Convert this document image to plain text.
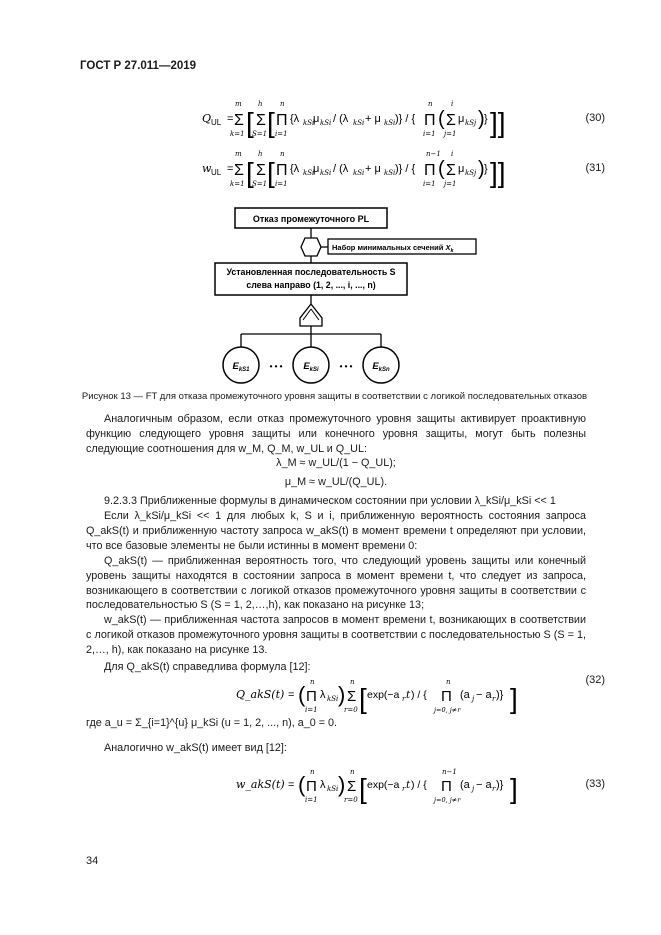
ГОСТ Р 27.011—2019
Q UL =
m
Σ
k=1 [
h
Σ
S=1 [
n
Π
i=1
{λ kSi
μ kSi / (λ kSi + μ kSi )} / {
n
Π
i=1
(
i
Σ
j=1
μ kSj ) } ]]	(30)
w UL =
m
Σ
k=1 [
h
Σ
S=1 [
n
Π
i=1
{λ kSi
μ kSi / (λ kSi + μ kSi )} / {
n−1
Π
i=1
(
i
Σ
j=1
μ kSj ) } ]]	(31)
Отказ промежуточного PL
Набор минимальных сечений $X_k$
Установленная последовательность S
слева направо (1, 2, ..., i, ..., n)
$E_{kS1}$	• • • $E_{kSi}$	• • • $E_{kSn}$
Рисунок 13 — FT для отказа промежуточного уровня защиты в соответствии с логикой последовательных отказов
Аналогичным образом, если отказ промежуточного уровня защиты активирует проактивную функцию следующего уровня защиты или конечного уровня защиты, могут быть полезны следующие соотношения для w_M, Q_M, w_UL и Q_UL:
λ_M ≈ w_UL/(1 − Q_UL);
μ_M ≈ w_UL/(Q_UL).
9.2.3.3 Приближенные формулы в динамическом состоянии при условии λ_kSi/μ_kSi << 1
Если λ_kSi/μ_kSi << 1 для любых k, S и i, приближенную вероятность состояния запроса Q_akS(t) и приближенную частоту запроса w_akS(t) в момент времени t определяют при условии, что все базовые элементы не были истинны в момент времени 0:
Q_akS(t) — приближенная вероятность того, что следующий уровень защиты или конечный уровень защиты находятся в состоянии запроса в момент времени t, что следует из запроса, возникающего в соответствии с логикой отказов промежуточного уровня защиты в соответствии с последовательностью S (S = 1, 2,…,h), как показано на рисунке 13;
w_akS(t) — приближенная частота запросов в момент времени t, возникающих в соответствии с логикой отказов промежуточного уровня защиты в соответствии с последовательностью S (S = 1, 2,…, h), как показано на рисунке 13.
Для Q_akS(t) справедлива формула [12]:
Q_akS(t) = ( n
Π
i=1
λ kSi ) n
Σ
r=0 [ exp(−a r t ) / {
n
Π
j=0, j≠r
(a j − a r )} ]
(32)
где a_u = Σ_{i=1}^{u} μ_kSi (u = 1, 2, ..., n), a_0 = 0.
Аналогично w_akS(t) имеет вид [12]:
w_akS(t) = ( n
Π
i=1
λ kSi ) n
Σ
r=0 [ exp(−a r t ) / {
n−1
Π
j=0, j≠r
(a j − a r )} ]	(33)
34
